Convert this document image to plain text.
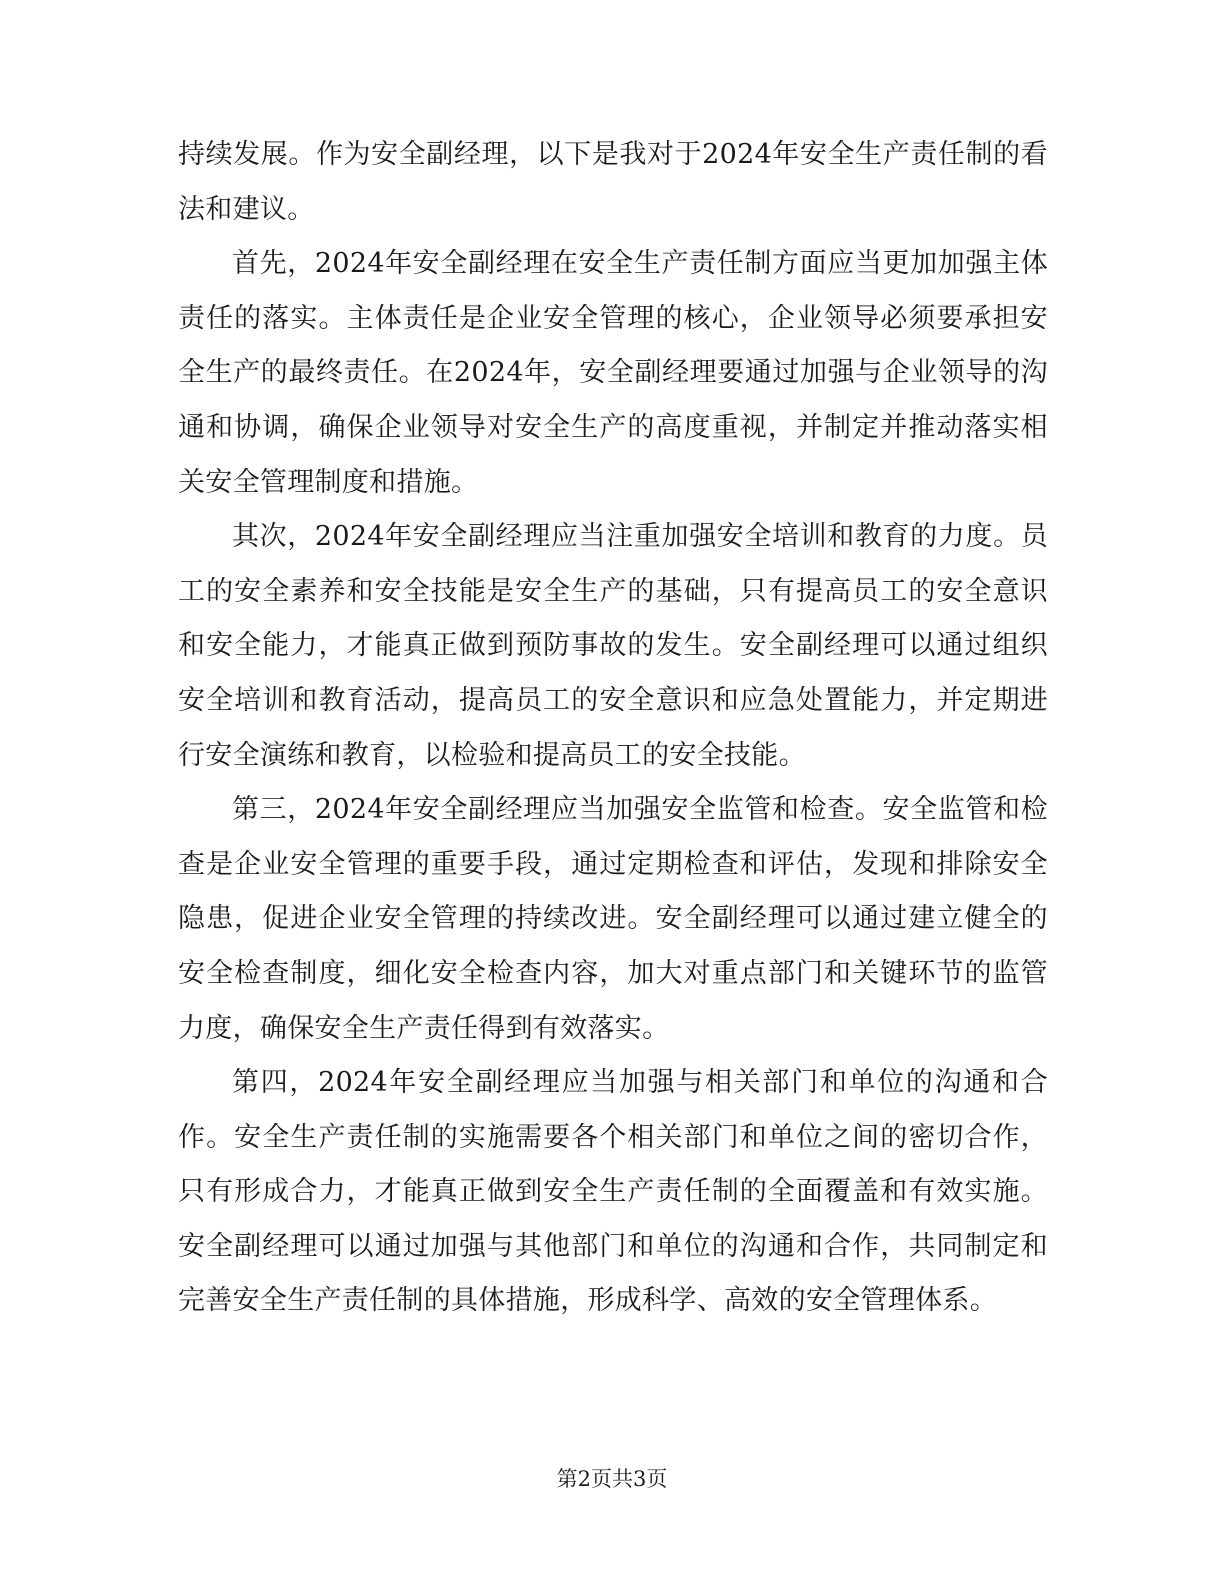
持续发展。作为安全副经理，以下是我对于2024年安全生产责任制的看法和建议。

首先，2024年安全副经理在安全生产责任制方面应当更加加强主体责任的落实。主体责任是企业安全管理的核心，企业领导必须要承担安全生产的最终责任。在2024年，安全副经理要通过加强与企业领导的沟通和协调，确保企业领导对安全生产的高度重视，并制定并推动落实相关安全管理制度和措施。

其次，2024年安全副经理应当注重加强安全培训和教育的力度。员工的安全素养和安全技能是安全生产的基础，只有提高员工的安全意识和安全能力，才能真正做到预防事故的发生。安全副经理可以通过组织安全培训和教育活动，提高员工的安全意识和应急处置能力，并定期进行安全演练和教育，以检验和提高员工的安全技能。

第三，2024年安全副经理应当加强安全监管和检查。安全监管和检查是企业安全管理的重要手段，通过定期检查和评估，发现和排除安全隐患，促进企业安全管理的持续改进。安全副经理可以通过建立健全的安全检查制度，细化安全检查内容，加大对重点部门和关键环节的监管力度，确保安全生产责任得到有效落实。

第四，2024年安全副经理应当加强与相关部门和单位的沟通和合作。安全生产责任制的实施需要各个相关部门和单位之间的密切合作，只有形成合力，才能真正做到安全生产责任制的全面覆盖和有效实施。安全副经理可以通过加强与其他部门和单位的沟通和合作，共同制定和完善安全生产责任制的具体措施，形成科学、高效的安全管理体系。

第2页共3页
